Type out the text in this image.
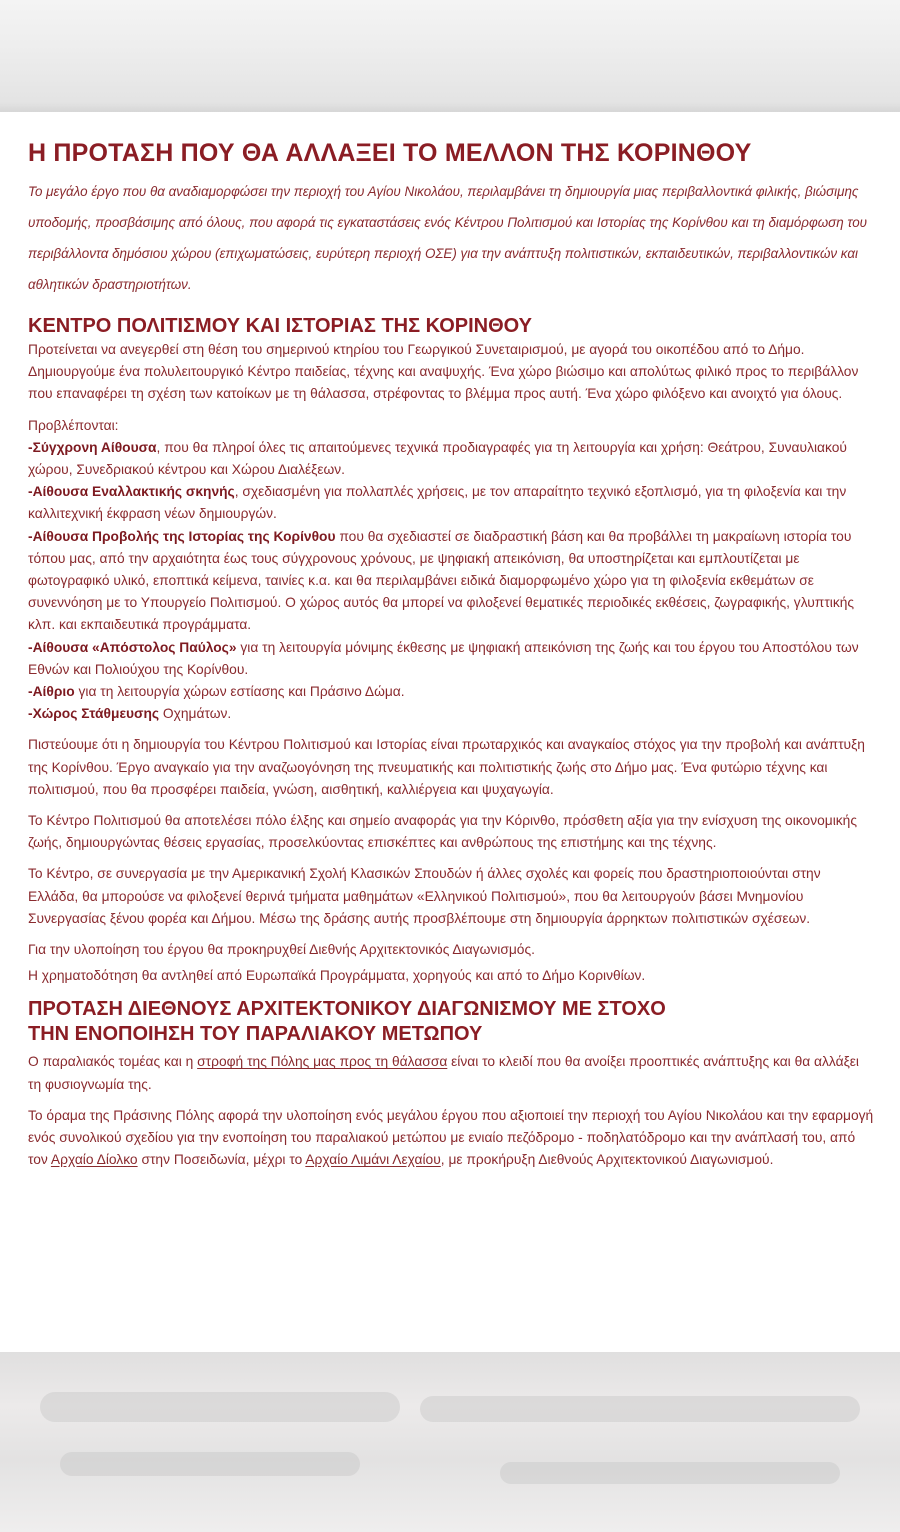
Η ΠΡΟΤΑΣΗ ΠΟΥ ΘΑ ΑΛΛΑΞΕΙ ΤΟ ΜΕΛΛΟΝ ΤΗΣ ΚΟΡΙΝΘΟΥ

Το μεγάλο έργο που θα αναδιαμορφώσει την περιοχή του Αγίου Νικολάου, περιλαμβάνει τη δημιουργία μιας περιβαλλοντικά φιλικής, βιώσιμης υποδομής, προσβάσιμης από όλους, που αφορά τις εγκαταστάσεις ενός Κέντρου Πολιτισμού και Ιστορίας της Κορίνθου και τη διαμόρφωση του περιβάλλοντα δημόσιου χώρου (επιχωματώσεις, ευρύτερη περιοχή ΟΣΕ) για την ανάπτυξη πολιτιστικών, εκπαιδευτικών, περιβαλλοντικών και αθλητικών δραστηριοτήτων.

ΚΕΝΤΡΟ ΠΟΛΙΤΙΣΜΟΥ ΚΑΙ ΙΣΤΟΡΙΑΣ ΤΗΣ ΚΟΡΙΝΘΟΥ

Προτείνεται να ανεγερθεί στη θέση του σημερινού κτηρίου του Γεωργικού Συνεταιρισμού, με αγορά του οικοπέδου από το Δήμο. Δημιουργούμε ένα πολυλειτουργικό Κέντρο παιδείας, τέχνης και αναψυχής. Ένα χώρο βιώσιμο και απολύτως φιλικό προς το περιβάλλον που επαναφέρει τη σχέση των κατοίκων με τη θάλασσα, στρέφοντας το βλέμμα προς αυτή. Ένα χώρο φιλόξενο και ανοιχτό για όλους.

Προβλέπονται:

-Σύγχρονη Αίθουσα, που θα πληροί όλες τις απαιτούμενες τεχνικά προδιαγραφές για τη λειτουργία και χρήση: Θεάτρου, Συναυλιακού χώρου, Συνεδριακού κέντρου και Χώρου Διαλέξεων.

-Αίθουσα Εναλλακτικής σκηνής, σχεδιασμένη για πολλαπλές χρήσεις, με τον απαραίτητο τεχνικό εξοπλισμό, για τη φιλοξενία και την καλλιτεχνική έκφραση νέων δημιουργών.

-Αίθουσα Προβολής της Ιστορίας της Κορίνθου που θα σχεδιαστεί σε διαδραστική βάση και θα προβάλλει τη μακραίωνη ιστορία του τόπου μας, από την αρχαιότητα έως τους σύγχρονους χρόνους, με ψηφιακή απεικόνιση, θα υποστηρίζεται και εμπλουτίζεται με φωτογραφικό υλικό, εποπτικά κείμενα, ταινίες κ.α. και θα περιλαμβάνει ειδικά διαμορφωμένο χώρο για τη φιλοξενία εκθεμάτων σε συνεννόηση με το Υπουργείο Πολιτισμού. Ο χώρος αυτός θα μπορεί να φιλοξενεί θεματικές περιοδικές εκθέσεις, ζωγραφικής, γλυπτικής κλπ. και εκπαιδευτικά προγράμματα.

-Αίθουσα «Απόστολος Παύλος» για τη λειτουργία μόνιμης έκθεσης με ψηφιακή απεικόνιση της ζωής και του έργου του Αποστόλου των Εθνών και Πολιούχου της Κορίνθου.

-Αίθριο για τη λειτουργία χώρων εστίασης και Πράσινο Δώμα.

-Χώρος Στάθμευσης Οχημάτων.

Πιστεύουμε ότι η δημιουργία του Κέντρου Πολιτισμού και Ιστορίας είναι πρωταρχικός και αναγκαίος στόχος για την προβολή και ανάπτυξη της Κορίνθου. Έργο αναγκαίο για την αναζωογόνηση της πνευματικής και πολιτιστικής ζωής στο Δήμο μας. Ένα φυτώριο τέχνης και πολιτισμού, που θα προσφέρει παιδεία, γνώση, αισθητική, καλλιέργεια και ψυχαγωγία.

Το Κέντρο Πολιτισμού θα αποτελέσει πόλο έλξης και σημείο αναφοράς για την Κόρινθο, πρόσθετη αξία για την ενίσχυση της οικονομικής ζωής, δημιουργώντας θέσεις εργασίας, προσελκύοντας επισκέπτες και ανθρώπους της επιστήμης και της τέχνης.

Το Κέντρο, σε συνεργασία με την Αμερικανική Σχολή Κλασικών Σπουδών ή άλλες σχολές και φορείς που δραστηριοποιούνται στην Ελλάδα, θα μπορούσε να φιλοξενεί θερινά τμήματα μαθημάτων «Ελληνικού Πολιτισμού», που θα λειτουργούν βάσει Μνημονίου Συνεργασίας ξένου φορέα και Δήμου. Μέσω της δράσης αυτής προσβλέπουμε στη δημιουργία άρρηκτων πολιτιστικών σχέσεων.

Για την υλοποίηση του έργου θα προκηρυχθεί Διεθνής Αρχιτεκτονικός Διαγωνισμός.

Η χρηματοδότηση θα αντληθεί από Ευρωπαϊκά Προγράμματα, χορηγούς και από το Δήμο Κορινθίων.

ΠΡΟΤΑΣΗ ΔΙΕΘΝΟΥΣ ΑΡΧΙΤΕΚΤΟΝΙΚΟΥ ΔΙΑΓΩΝΙΣΜΟΥ ΜΕ ΣΤΟΧΟ
ΤΗΝ ΕΝΟΠΟΙΗΣΗ ΤΟΥ ΠΑΡΑΛΙΑΚΟΥ ΜΕΤΩΠΟΥ

Ο παραλιακός τομέας και η στροφή της Πόλης μας προς τη θάλασσα είναι το κλειδί που θα ανοίξει προοπτικές ανάπτυξης και θα αλλάξει τη φυσιογνωμία της.

Το όραμα της Πράσινης Πόλης αφορά την υλοποίηση ενός μεγάλου έργου που αξιοποιεί την περιοχή του Αγίου Νικολάου και την εφαρμογή ενός συνολικού σχεδίου για την ενοποίηση του παραλιακού μετώπου με ενιαίο πεζόδρομο - ποδηλατόδρομο και την ανάπλασή του, από τον Αρχαίο Δίολκο στην Ποσειδωνία, μέχρι το Αρχαίο Λιμάνι Λεχαίου, με προκήρυξη Διεθνούς Αρχιτεκτονικού Διαγωνισμού.
